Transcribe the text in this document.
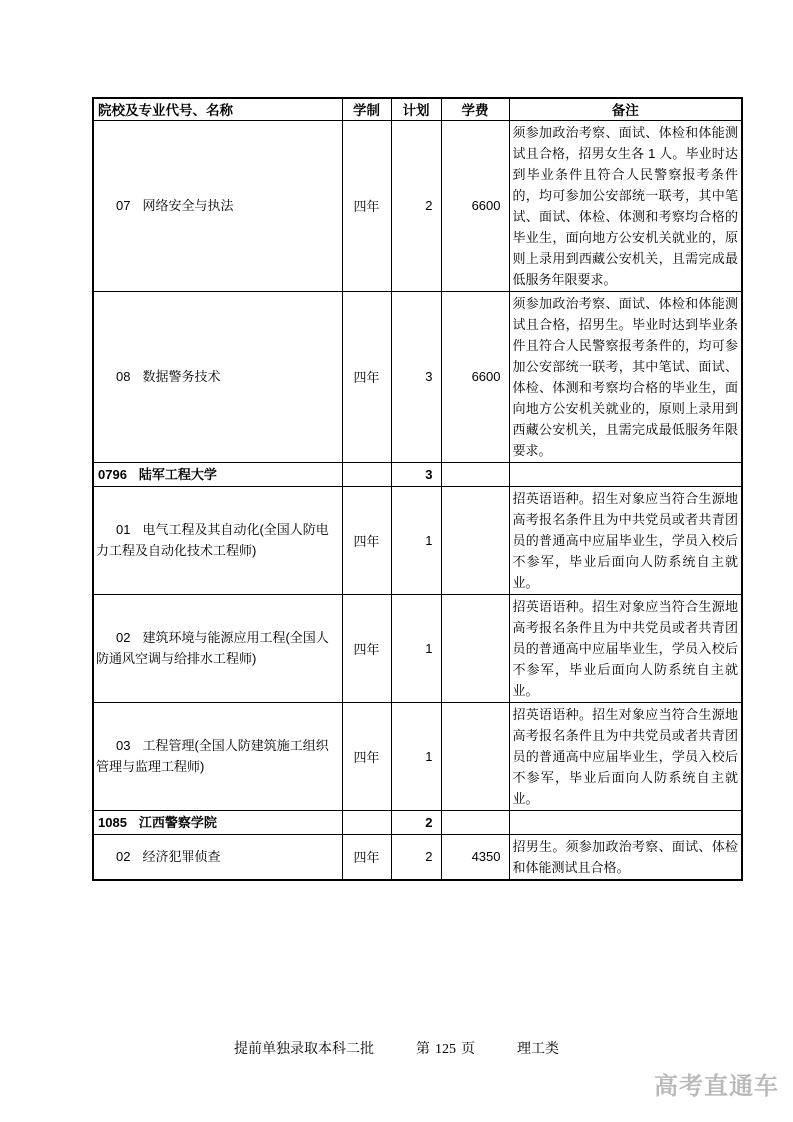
院校及专业代号、名称	学制	计划	学费	备注

07 网络安全与执法	四年	2	6600	须参加政治考察、面试、体检和体能测试且合格，招男女生各 1 人。毕业时达到毕业条件且符合人民警察报考条件的，均可参加公安部统一联考，其中笔试、面试、体检、体测和考察均合格的毕业生，面向地方公安机关就业的，原则上录用到西藏公安机关，且需完成最低服务年限要求。

08 数据警务技术	四年	3	6600	须参加政治考察、面试、体检和体能测试且合格，招男生。毕业时达到毕业条件且符合人民警察报考条件的，均可参加公安部统一联考，其中笔试、面试、体检、体测和考察均合格的毕业生，面向地方公安机关就业的，原则上录用到西藏公安机关，且需完成最低服务年限要求。

0796 陆军工程大学		3		

01 电气工程及其自动化(全国人防电力工程及自动化技术工程师)	四年	1		招英语语种。招生对象应当符合生源地高考报名条件且为中共党员或者共青团员的普通高中应届毕业生，学员入校后不参军，毕业后面向人防系统自主就业。

02 建筑环境与能源应用工程(全国人防通风空调与给排水工程师)	四年	1		招英语语种。招生对象应当符合生源地高考报名条件且为中共党员或者共青团员的普通高中应届毕业生，学员入校后不参军，毕业后面向人防系统自主就业。

03 工程管理(全国人防建筑施工组织管理与监理工程师)	四年	1		招英语语种。招生对象应当符合生源地高考报名条件且为中共党员或者共青团员的普通高中应届毕业生，学员入校后不参军，毕业后面向人防系统自主就业。

1085 江西警察学院		2		

02 经济犯罪侦查	四年	2	4350	招男生。须参加政治考察、面试、体检和体能测试且合格。
提前单独录取本科二批	第 125 页	理工类
高考直通车
